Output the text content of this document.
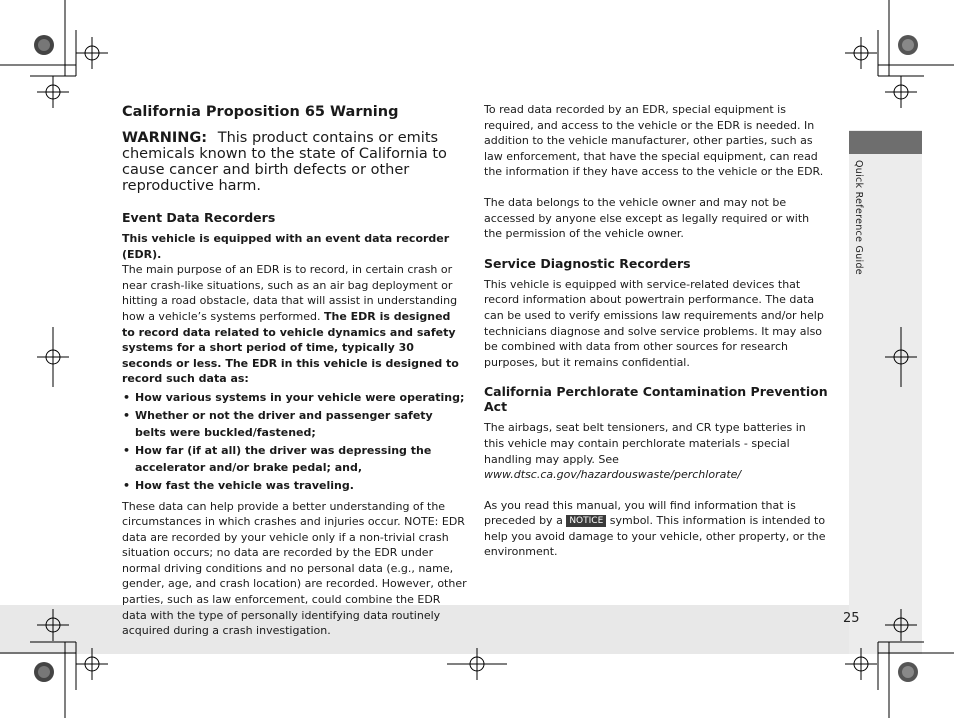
Quick Reference Guide
25
California Proposition 65 Warning
WARNING: This product contains or emits chemicals known to the state of California to cause cancer and birth defects or other reproductive harm.
Event Data Recorders

This vehicle is equipped with an event data recorder (EDR).

The main purpose of an EDR is to record, in certain crash or near crash-like situations, such as an air bag deployment or hitting a road obstacle, data that will assist in understanding how a vehicle’s systems performed. The EDR is designed to record data related to vehicle dynamics and safety systems for a short period of time, typically 30 seconds or less. The EDR in this vehicle is designed to record such data as:

• How various systems in your vehicle were operating;
• Whether or not the driver and passenger safety belts were buckled/fastened;
• How far (if at all) the driver was depressing the accelerator and/or brake pedal; and,
• How fast the vehicle was traveling.

These data can help provide a better understanding of the circumstances in which crashes and injuries occur. NOTE: EDR data are recorded by your vehicle only if a non-trivial crash situation occurs; no data are recorded by the EDR under normal driving conditions and no personal data (e.g., name, gender, age, and crash location) are recorded. However, other parties, such as law enforcement, could combine the EDR data with the type of personally identifying data routinely acquired during a crash investigation.

To read data recorded by an EDR, special equipment is required, and access to the vehicle or the EDR is needed. In addition to the vehicle manufacturer, other parties, such as law enforcement, that have the special equipment, can read the information if they have access to the vehicle or the EDR.

The data belongs to the vehicle owner and may not be accessed by anyone else except as legally required or with the permission of the vehicle owner.

Service Diagnostic Recorders

This vehicle is equipped with service-related devices that record information about powertrain performance. The data can be used to verify emissions law requirements and/or help technicians diagnose and solve service problems. It may also be combined with data from other sources for research purposes, but it remains confidential.

California Perchlorate Contamination Prevention Act

The airbags, seat belt tensioners, and CR type batteries in this vehicle may contain perchlorate materials - special handling may apply. See www.dtsc.ca.gov/hazardouswaste/perchlorate/

As you read this manual, you will find information that is preceded by a NOTICE symbol. This information is intended to help you avoid damage to your vehicle, other property, or the environment.
